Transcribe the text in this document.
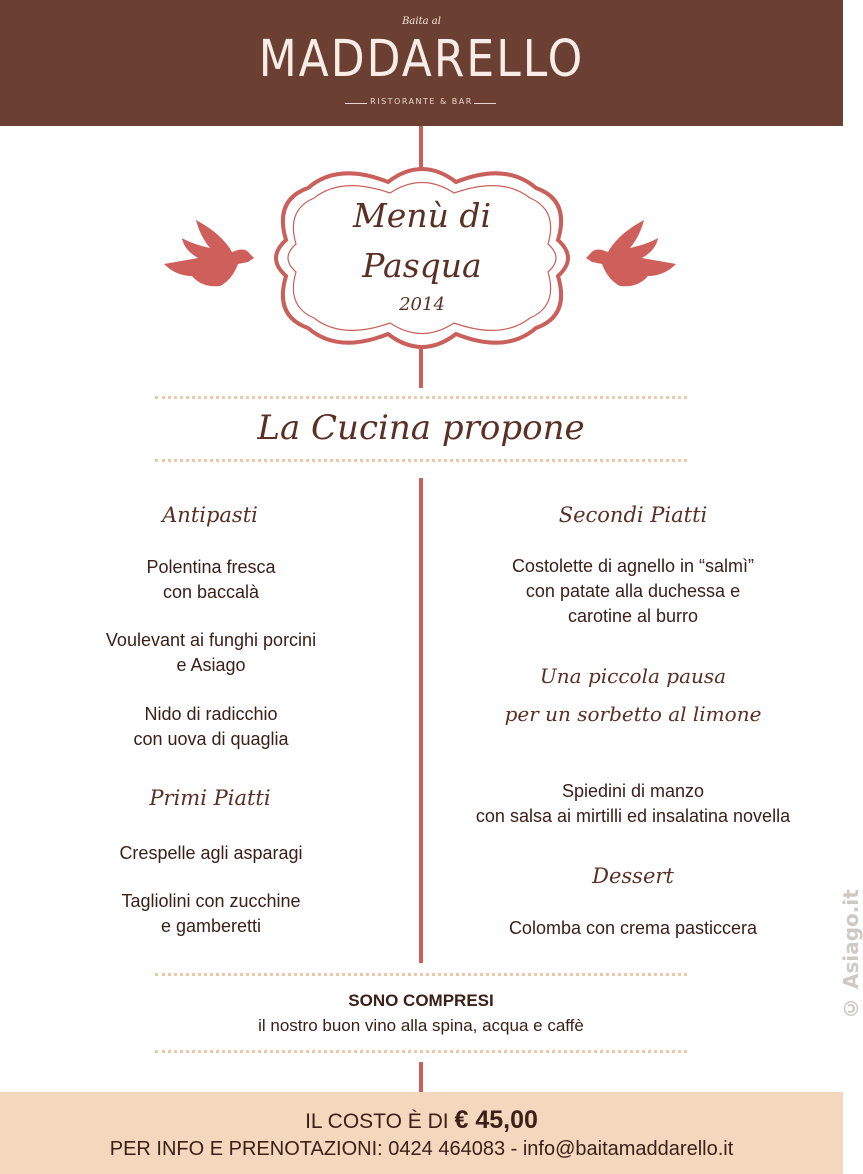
Baita al
MADDARELLO
RISTORANTE & BAR
Menù di
Pasqua
2014
La Cucina propone
Antipasti
Polentina fresca
con baccalà
Voulevant ai funghi porcini
e Asiago
Nido di radicchio
con uova di quaglia
Primi Piatti
Crespelle agli asparagi
Tagliolini con zucchine
e gamberetti
Secondi Piatti
Costolette di agnello in “salmì”
con patate alla duchessa e
carotine al burro
Una piccola pausa
per un sorbetto al limone
Spiedini di manzo
con salsa ai mirtilli ed insalatina novella
Dessert
Colomba con crema pasticcera
SONO COMPRESI
il nostro buon vino alla spina, acqua e caffè
IL COSTO È DI € 45,00
PER INFO E PRENOTAZIONI: 0424 464083 - info@baitamaddarello.it
© Asiago.it
